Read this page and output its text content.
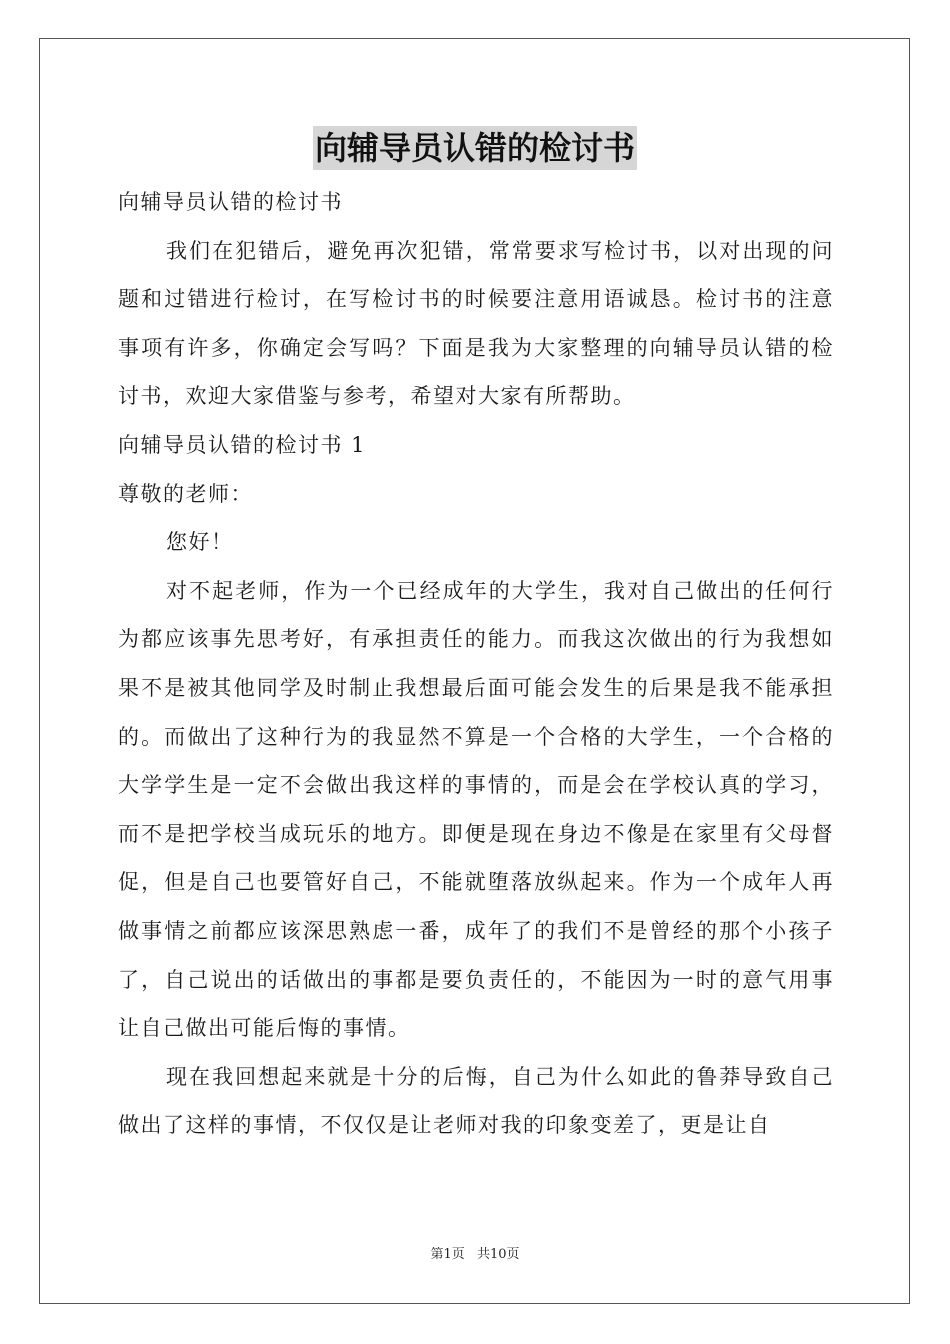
向辅导员认错的检讨书
向辅导员认错的检讨书

我们在犯错后，避免再次犯错，常常要求写检讨书，以对出现的问题和过错进行检讨，在写检讨书的时候要注意用语诚恳。检讨书的注意事项有许多，你确定会写吗？下面是我为大家整理的向辅导员认错的检讨书，欢迎大家借鉴与参考，希望对大家有所帮助。

向辅导员认错的检讨书 1
尊敬的老师：
您好！

对不起老师，作为一个已经成年的大学生，我对自己做出的任何行为都应该事先思考好，有承担责任的能力。而我这次做出的行为我想如果不是被其他同学及时制止我想最后面可能会发生的后果是我不能承担的。而做出了这种行为的我显然不算是一个合格的大学生，一个合格的大学学生是一定不会做出我这样的事情的，而是会在学校认真的学习，而不是把学校当成玩乐的地方。即便是现在身边不像是在家里有父母督促，但是自己也要管好自己，不能就堕落放纵起来。作为一个成年人再做事情之前都应该深思熟虑一番，成年了的我们不是曾经的那个小孩子了，自己说出的话做出的事都是要负责任的，不能因为一时的意气用事让自己做出可能后悔的事情。

现在我回想起来就是十分的后悔，自己为什么如此的鲁莽导致自己做出了这样的事情，不仅仅是让老师对我的印象变差了，更是让自

第1页 共10页
